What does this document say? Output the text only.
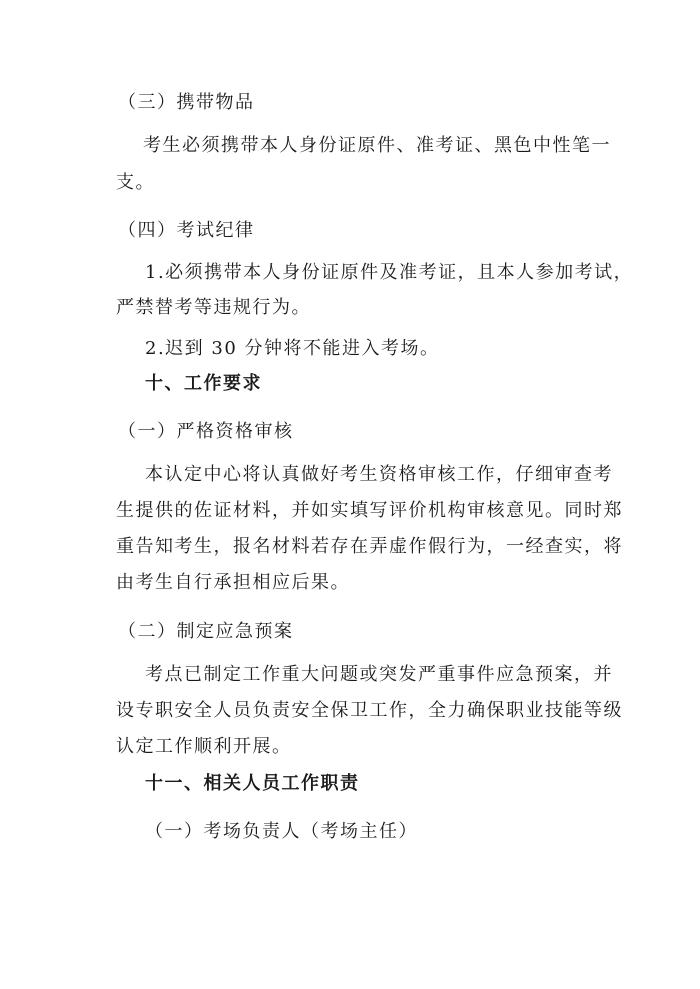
（三）携带物品
考生必须携带本人身份证原件、准考证、黑色中性笔一
支。
（四）考试纪律
1.必须携带本人身份证原件及准考证，且本人参加考试，
严禁替考等违规行为。
2.迟到 30 分钟将不能进入考场。
十、工作要求
（一）严格资格审核
本认定中心将认真做好考生资格审核工作，仔细审查考
生提供的佐证材料，并如实填写评价机构审核意见。同时郑
重告知考生，报名材料若存在弄虚作假行为，一经查实，将
由考生自行承担相应后果。
（二）制定应急预案
考点已制定工作重大问题或突发严重事件应急预案，并
设专职安全人员负责安全保卫工作，全力确保职业技能等级
认定工作顺利开展。
十一、相关人员工作职责
（一）考场负责人（考场主任）
